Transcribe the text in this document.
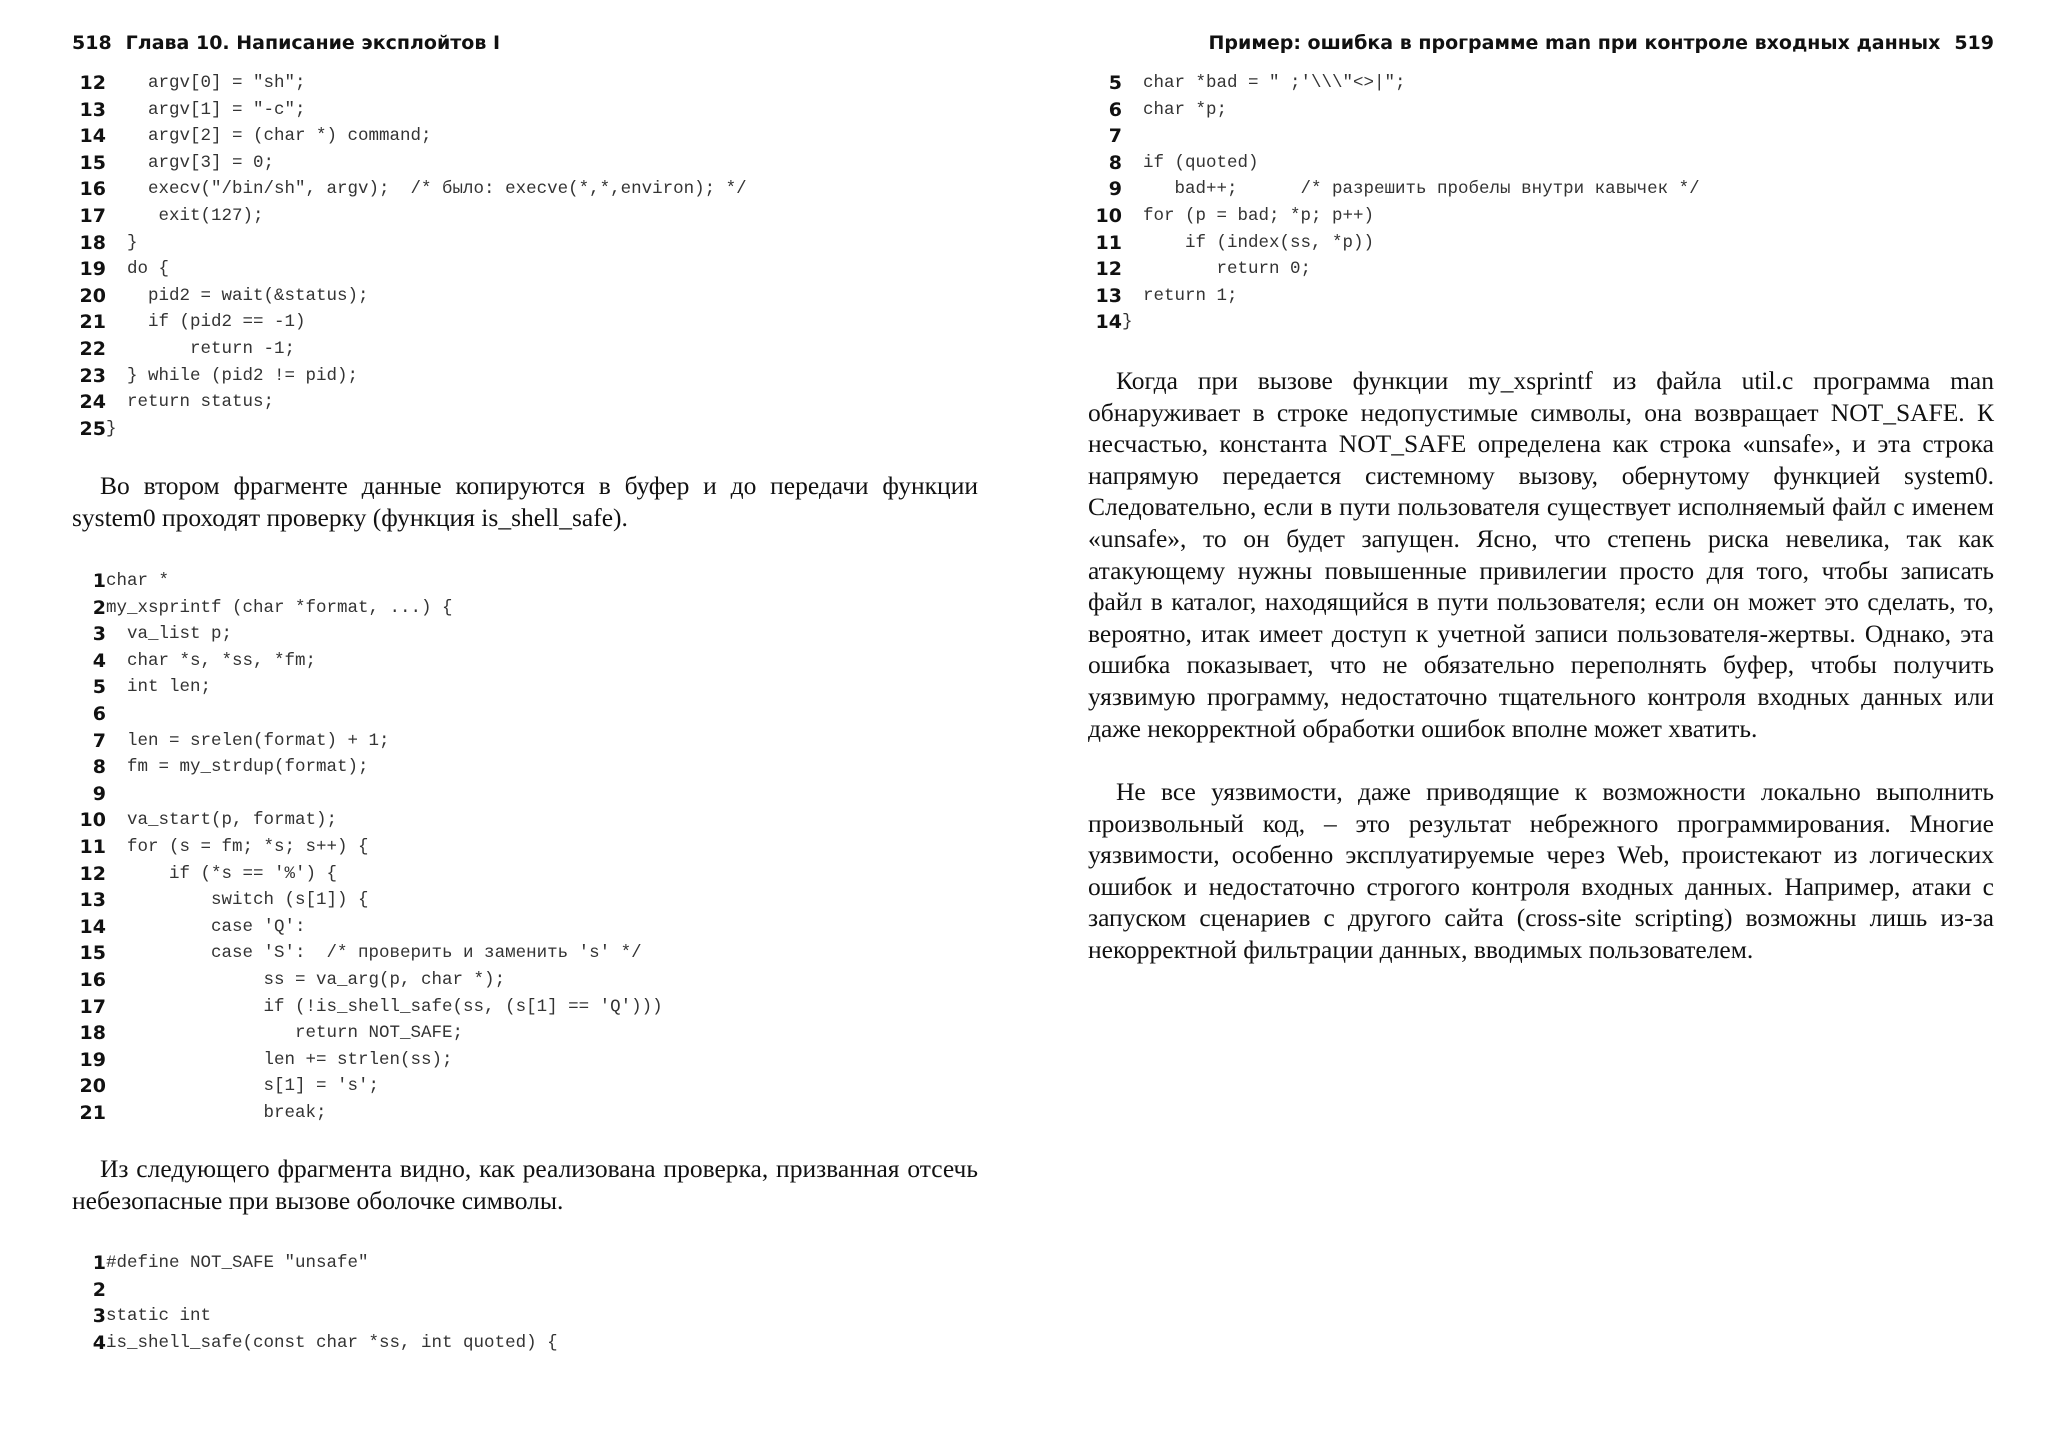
518 Глава 10. Написание эксплойтов I
12 argv[0] = "sh";
13 argv[1] = "-c";
14 argv[2] = (char *) command;
15 argv[3] = 0;
16 execv("/bin/sh", argv);  /* было: execve(*,*,environ); */
17 exit(127);
18 }
19 do {
20 pid2 = wait(&status);
21 if (pid2 == -1)
22 return -1;
23 } while (pid2 != pid);
24 return status;
25 }

Во втором фрагменте данные копируются в буфер и до передачи функции system0 проходят проверку (функция is_shell_safe).

1 char *
2 my_xsprintf (char *format, ...) {
3 va_list p;
4 char *s, *ss, *fm;
5 int len;
6
7 len = srelen(format) + 1;
8 fm = my_strdup(format);
9
10 va_start(p, format);
11 for (s = fm; *s; s++) {
12 if (*s == '%') {
13 switch (s[1]) {
14 case 'Q':
15 case 'S':  /* проверить и заменить 's' */
16 ss = va_arg(p, char *);
17 if (!is_shell_safe(ss, (s[1] == 'Q')))
18 return NOT_SAFE;
19 len += strlen(ss);
20 s[1] = 's';
21 break;

Из следующего фрагмента видно, как реализована проверка, призванная отсечь небезопасные при вызове оболочке символы.

1 #define NOT_SAFE "unsafe"
2
3 static int
4 is_shell_safe(const char *ss, int quoted) {
Пример: ошибка в программе man при контроле входных данных 519
5 char *bad = " ;'\\\"<>|";
6 char *p;
7
8 if (quoted)
9 bad++;      /* разрешить пробелы внутри кавычек */
10 for (p = bad; *p; p++)
11 if (index(ss, *p))
12 return 0;
13 return 1;
14 }

Когда при вызове функции my_xsprintf из файла util.c программа man обнаруживает в строке недопустимые символы, она возвращает NOT_SAFE. К несчастью, константа NOT_SAFE определена как строка «unsafe», и эта строка напрямую передается системному вызову, обернутому функцией system0. Следовательно, если в пути пользователя существует исполняемый файл с именем «unsafe», то он будет запущен. Ясно, что степень риска невелика, так как атакующему нужны повышенные привилегии просто для того, чтобы записать файл в каталог, находящийся в пути пользователя; если он может это сделать, то, вероятно, итак имеет доступ к учетной записи пользователя-жертвы. Однако, эта ошибка показывает, что не обязательно переполнять буфер, чтобы получить уязвимую программу, недостаточно тщательного контроля входных данных или даже некорректной обработки ошибок вполне может хватить.

Не все уязвимости, даже приводящие к возможности локально выполнить произвольный код, – это результат небрежного программирования. Многие уязвимости, особенно эксплуатируемые через Web, проистекают из логических ошибок и недостаточно строгого контроля входных данных. Например, атаки с запуском сценариев с другого сайта (cross-site scripting) возможны лишь из-за некорректной фильтрации данных, вводимых пользователем.
